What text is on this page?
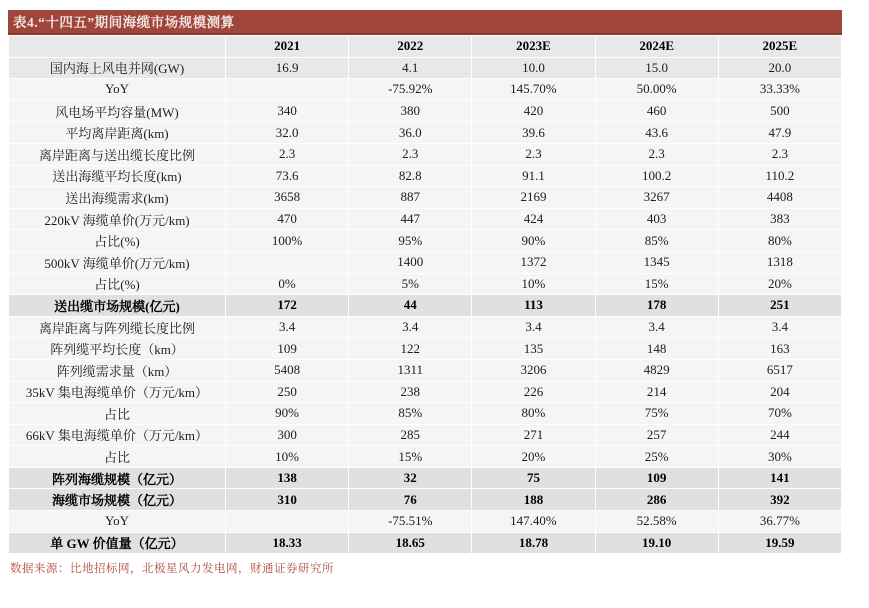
表4.“十四五”期间海缆市场规模测算
	2021	2022	2023E	2024E	2025E
国内海上风电并网(GW)	16.9	4.1	10.0	15.0	20.0
YoY		-75.92%	145.70%	50.00%	33.33%
风电场平均容量(MW)	340	380	420	460	500
平均离岸距离(km)	32.0	36.0	39.6	43.6	47.9
离岸距离与送出缆长度比例	2.3	2.3	2.3	2.3	2.3
送出海缆平均长度(km)	73.6	82.8	91.1	100.2	110.2
送出海缆需求(km)	3658	887	2169	3267	4408
220kV 海缆单价(万元/km)	470	447	424	403	383
占比(%)	100%	95%	90%	85%	80%
500kV 海缆单价(万元/km)		1400	1372	1345	1318
占比(%)	0%	5%	10%	15%	20%
送出缆市场规模(亿元)	172	44	113	178	251
离岸距离与阵列缆长度比例	3.4	3.4	3.4	3.4	3.4
阵列缆平均长度（km）	109	122	135	148	163
阵列缆需求量（km）	5408	1311	3206	4829	6517
35kV 集电海缆单价（万元/km）	250	238	226	214	204
占比	90%	85%	80%	75%	70%
66kV 集电海缆单价（万元/km）	300	285	271	257	244
占比	10%	15%	20%	25%	30%
阵列海缆规模（亿元）	138	32	75	109	141
海缆市场规模（亿元）	310	76	188	286	392
YoY		-75.51%	147.40%	52.58%	36.77%
单 GW 价值量（亿元）	18.33	18.65	18.78	19.10	19.59
数据来源：比地招标网，北极星风力发电网，财通证券研究所
